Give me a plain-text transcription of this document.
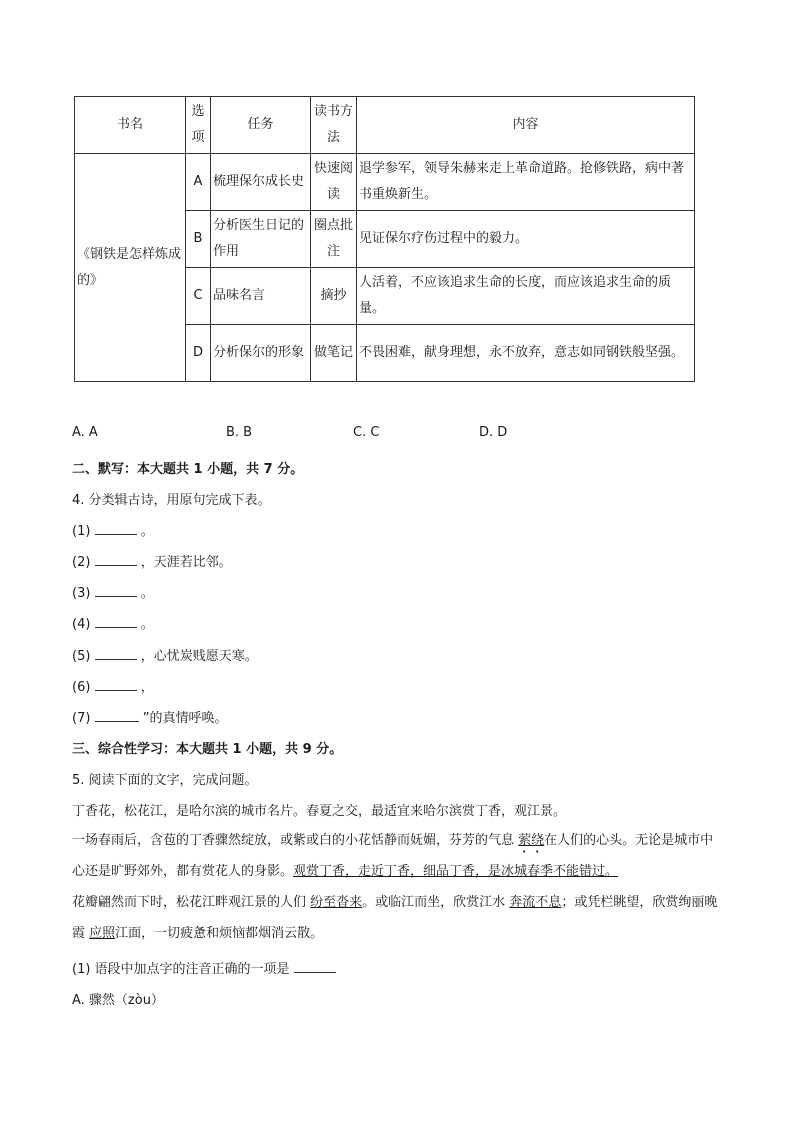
书名	选项	任务	读书方法	内容
《钢铁是怎样炼成的》	A	梳理保尔成长史	快速阅读	退学参军，领导朱赫来走上革命道路。抢修铁路，病中著书重焕新生。
	B	分析医生日记的作用	圈点批注	见证保尔疗伤过程中的毅力。
	C	品味名言	摘抄	人活着，不应该追求生命的长度，而应该追求生命的质量。
	D	分析保尔的形象	做笔记	不畏困难，献身理想，永不放弃，意志如同钢铁般坚强。
A. A	B. B	C. C	D. D
二、默写：本大题共 1 小题，共 7 分。
4. 分类辑古诗，用原句完成下表。
(1)	。
(2)	，天涯若比邻。
(3)	。
(4)	。
(5)	，心忧炭贱愿天寒。
(6)	，
(7)	”的真情呼唤。
三、综合性学习：本大题共 1 小题，共 9 分。
5. 阅读下面的文字，完成问题。
丁香花，松花江，是哈尔滨的城市名片。春夏之交，最适宜来哈尔滨赏丁香，观江景。
一场春雨后，含苞的丁香骤然绽放，或紫或白的小花恬静而妩媚，芬芳的气息 萦绕在人们的心头。无论是城市中心还是旷野郊外，都有赏花人的身影。观赏丁香，走近丁香，细品丁香，是冰城春季不能错过。
花瓣翩然而下时，松花江畔观江景的人们 纷至沓来。或临江而坐，欣赏江水 奔流不息；或凭栏眺望，欣赏绚丽晚霞 应照江面，一切疲惫和烦恼都烟消云散。
(1) 语段中加点字的注音正确的一项是
A. 骤然（zòu）
